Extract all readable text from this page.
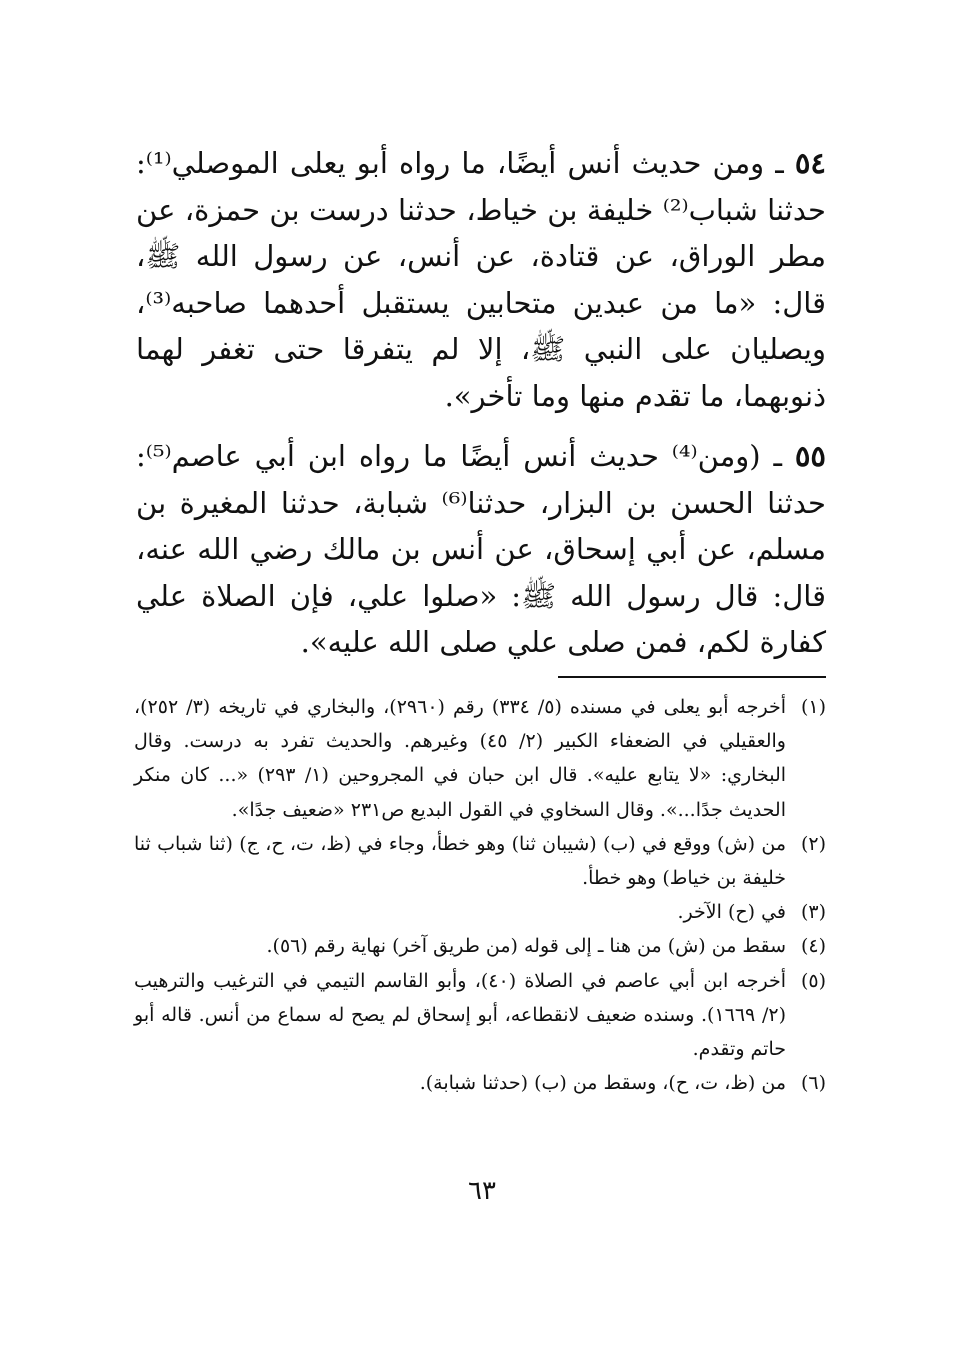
٥٤ ـ ومن حديث أنس أيضًا، ما رواه أبو يعلى الموصلي⁽¹⁾: حدثنا شباب⁽²⁾ خليفة بن خياط، حدثنا درست بن حمزة، عن مطر الوراق، عن قتادة، عن أنس، عن رسول الله ﷺ، قال: «ما من عبدين متحابين يستقبل أحدهما صاحبه⁽³⁾، ويصليان على النبي ﷺ، إلا لم يتفرقا حتى تغفر لهما ذنوبهما، ما تقدم منها وما تأخر».

٥٥ ـ (ومن⁽⁴⁾ حديث أنس أيضًا ما رواه ابن أبي عاصم⁽⁵⁾: حدثنا الحسن بن البزار، حدثنا⁽⁶⁾ شبابة، حدثنا المغيرة بن مسلم، عن أبي إسحاق، عن أنس بن مالك رضي الله عنه، قال: قال رسول الله ﷺ: «صلوا علي، فإن الصلاة علي كفارة لكم، فمن صلى علي صلى الله عليه».

(١)
أخرجه أبو يعلى في مسنده (٥/ ٣٣٤) رقم (٢٩٦٠)، والبخاري في تاريخه (٣/ ٢٥٢)، والعقيلي في الضعفاء الكبير (٢/ ٤٥) وغيرهم. والحديث تفرد به درست. وقال البخاري: «لا يتابع عليه». قال ابن حبان في المجروحين (١/ ٢٩٣) «... كان منكر الحديث جدًا...». وقال السخاوي في القول البديع ص٢٣١ «ضعيف جدًا».
(٢)
من (ش) ووقع في (ب) (شيبان ثنا) وهو خطأ، وجاء في (ظ، ت، ح، ج) (ثنا شباب ثنا خليفة بن خياط) وهو خطأ.
(٣)
في (ح) الآخر.
(٤)
سقط من (ش) من هنا ـ إلى قوله (من طريق آخر) نهاية رقم (٥٦).
(٥)
أخرجه ابن أبي عاصم في الصلاة (٤٠)، وأبو القاسم التيمي في الترغيب والترهيب (٢/ ١٦٦٩). وسنده ضعيف لانقطاعه، أبو إسحاق لم يصح له سماع من أنس. قاله أبو حاتم وتقدم.
(٦)
من (ظ، ت، ح)، وسقط من (ب) (حدثنا شبابة).
٦٣
